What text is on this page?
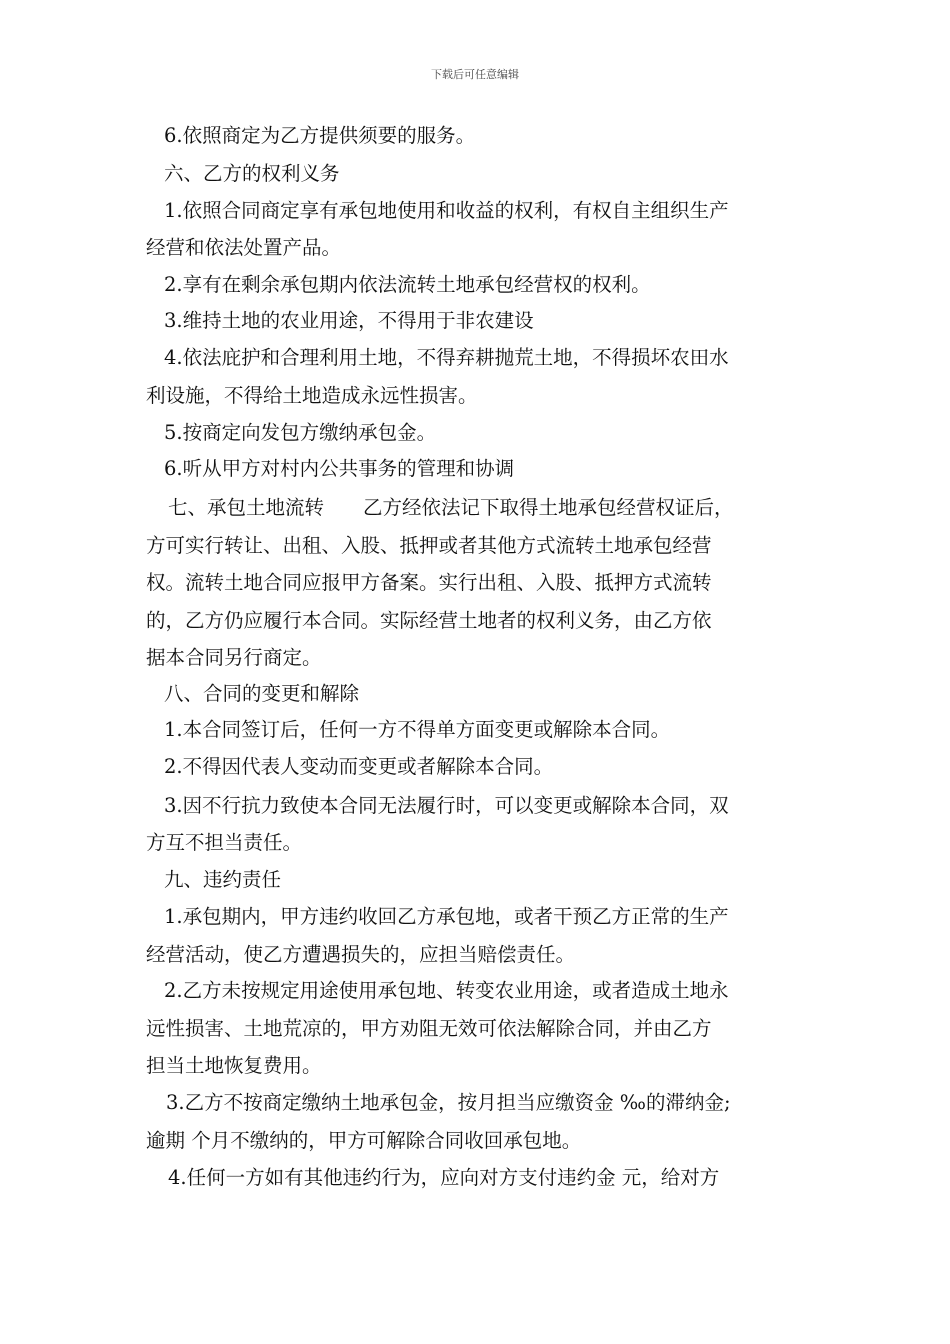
下载后可任意编辑
6.依照商定为乙方提供须要的服务。
六、乙方的权利义务
1.依照合同商定享有承包地使用和收益的权利，有权自主组织生产
经营和依法处置产品。
2.享有在剩余承包期内依法流转土地承包经营权的权利。
3.维持土地的农业用途，不得用于非农建设
4.依法庇护和合理利用土地，不得弃耕抛荒土地，不得损坏农田水
利设施，不得给土地造成永远性损害。
5.按商定向发包方缴纳承包金。
6.听从甲方对村内公共事务的管理和协调
七、承包土地流转　　乙方经依法记下取得土地承包经营权证后，
方可实行转让、出租、入股、抵押或者其他方式流转土地承包经营
权。流转土地合同应报甲方备案。实行出租、入股、抵押方式流转
的，乙方仍应履行本合同。实际经营土地者的权利义务，由乙方依
据本合同另行商定。
八、合同的变更和解除
1.本合同签订后，任何一方不得单方面变更或解除本合同。
2.不得因代表人变动而变更或者解除本合同。
3.因不行抗力致使本合同无法履行时，可以变更或解除本合同，双
方互不担当责任。
九、违约责任
1.承包期内，甲方违约收回乙方承包地，或者干预乙方正常的生产
经营活动，使乙方遭遇损失的，应担当赔偿责任。
2.乙方未按规定用途使用承包地、转变农业用途，或者造成土地永
远性损害、土地荒凉的，甲方劝阻无效可依法解除合同，并由乙方
担当土地恢复费用。
3.乙方不按商定缴纳土地承包金，按月担当应缴资金 ‰的滞纳金;
逾期 个月不缴纳的，甲方可解除合同收回承包地。
4.任何一方如有其他违约行为，应向对方支付违约金 元，给对方
